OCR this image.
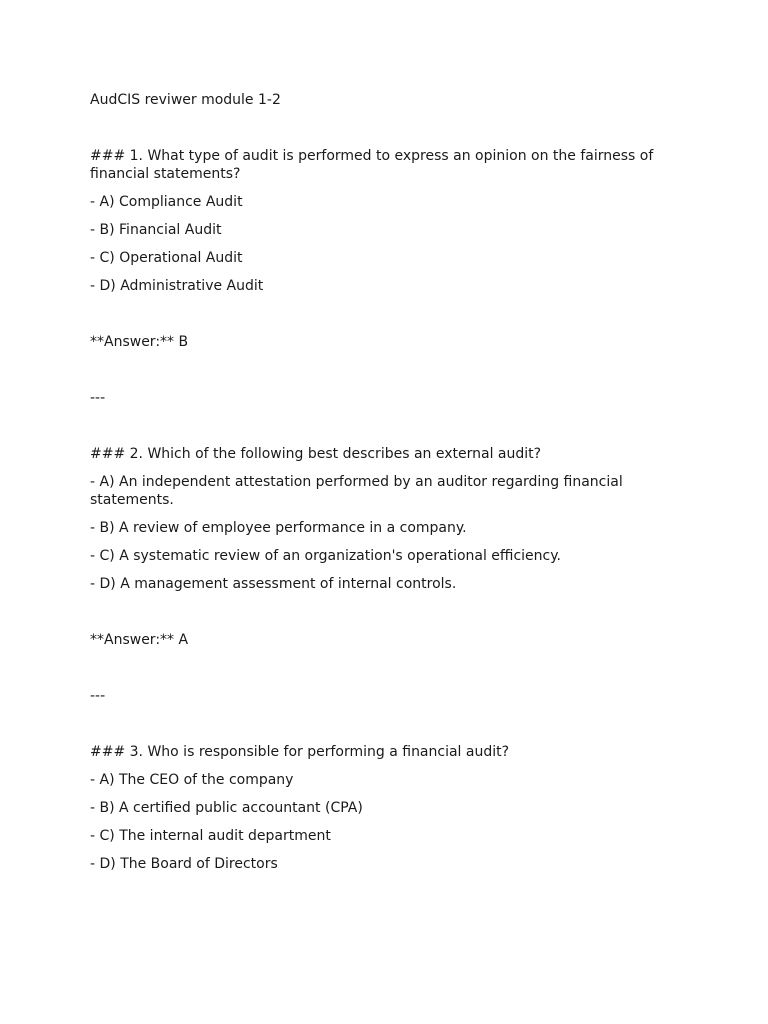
AudCIS reviwer module 1-2

### 1. What type of audit is performed to express an opinion on the fairness of financial statements?

- A) Compliance Audit

- B) Financial Audit

- C) Operational Audit

- D) Administrative Audit

**Answer:** B

---

### 2. Which of the following best describes an external audit?

- A) An independent attestation performed by an auditor regarding financial statements.

- B) A review of employee performance in a company.

- C) A systematic review of an organization's operational efficiency.

- D) A management assessment of internal controls.

**Answer:** A

---

### 3. Who is responsible for performing a financial audit?

- A) The CEO of the company

- B) A certified public accountant (CPA)

- C) The internal audit department

- D) The Board of Directors
